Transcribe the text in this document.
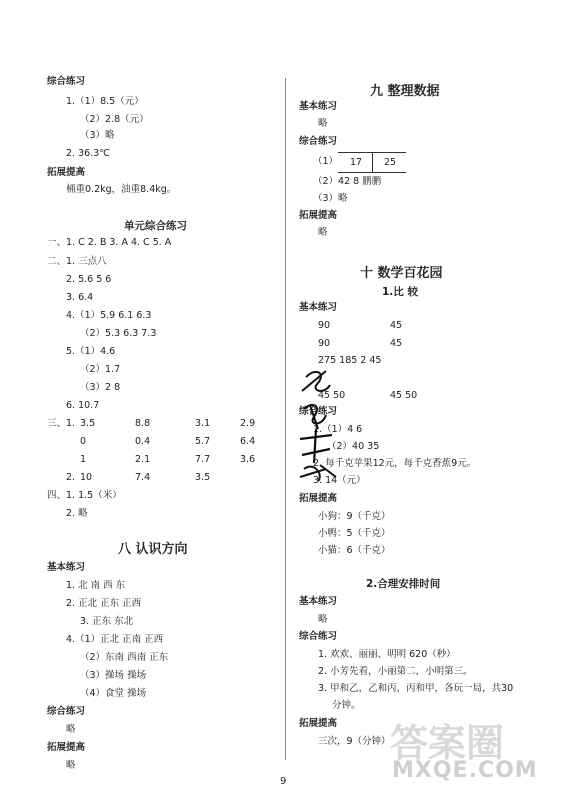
综合练习
1.（1）8.5（元）
（2）2.8（元）
（3）略
2. 36.3℃
拓展提高
桶重0.2kg，油重8.4kg。
单元综合练习
一、1. C 2. B 3. A 4. C 5. A
二、1. 三点八
2. 5.6 5 6
3. 6.4
4.（1）5.9 6.1 6.3
（2）5.3 6.3 7.3
5.（1）4.6
（2）1.7
（3）2 8
6. 10.7
三、1. 3.5	8.8	3.1	2.9
0	0.4	5.7	6.4
1	2.1	7.7	3.6
2. 10	7.4	3.5
四、1. 1.5（米）
2. 略
八 认识方向
基本练习
1. 北 南 西 东
2. 正北 正东 正西
3. 正东 东北
4.（1）正北 正南 正西
（2）东南 西南 正东
（3）操场 操场
（4）食堂 操场
综合练习
略
拓展提高
略
九 整理数据
基本练习
略
综合练习
（1） 17 25
（2）42 8 鹏鹏
（3）略
拓展提高
略
十 数学百花园
1.比 较
基本练习
90	45
90	45
275 185 2 45
45 50	45 50
综合练习
1.（1）4 6
（2）40 35
2. 每千克苹果12元，每千克香蕉9元。
3. 14（元）
拓展提高
小狗：9（千克）
小鸭：5（千克）
小猫：6（千克）
2.合理安排时间
基本练习
略
综合练习
1. 欢欢、丽丽、明明 620（秒）
2. 小芳先看，小丽第二，小明第三。
3. 甲和乙，乙和丙，丙和甲，各玩一局，共30
分钟。
拓展提高
三次，9（分钟） 答案圈
MXQE.COM
9
